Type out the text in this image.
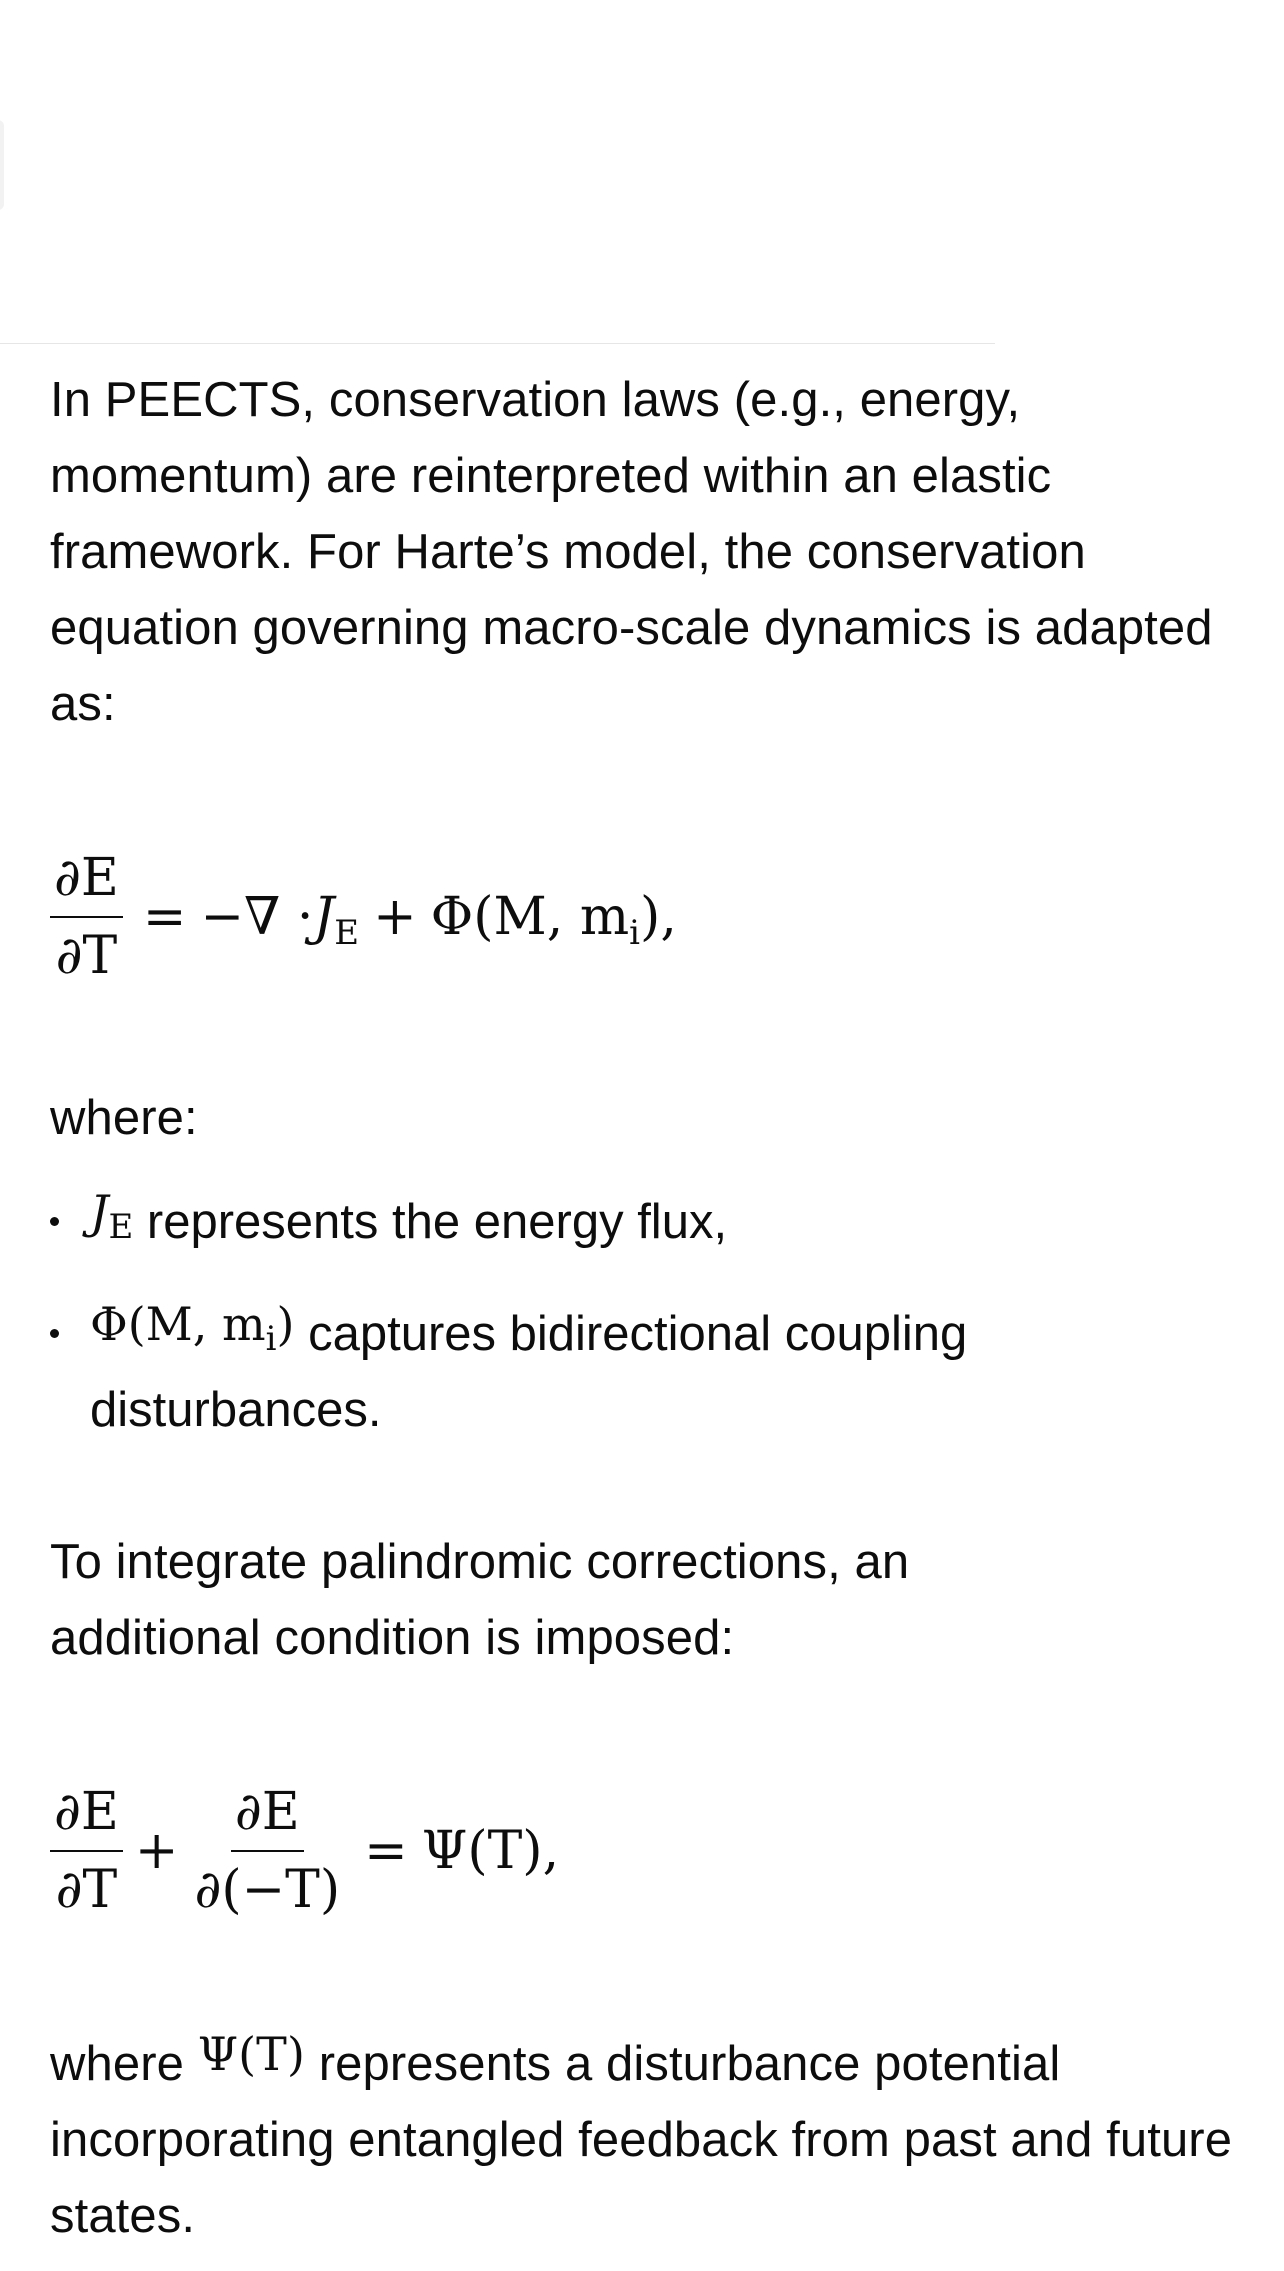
In PEECTS, conservation laws (e.g., energy, momentum) are reinterpreted within an elastic framework. For Harte’s model, the conservation equation governing macro-scale dynamics is adapted as:

$\frac{\partial E}{\partial T}$ = −∇ · $J_E + \Phi(M$, $m_i$),

where:

$J_E$ represents the energy flux,
Φ(M, $m_i$) captures bidirectional coupling disturbances.

To integrate palindromic corrections, an additional condition is imposed:

$\frac{\partial E}{\partial T} + \frac{\partial E}{\partial(-T)} = \Psi(T)$,

where Ψ(T) represents a disturbance potential incorporating entangled feedback from past and future states.
